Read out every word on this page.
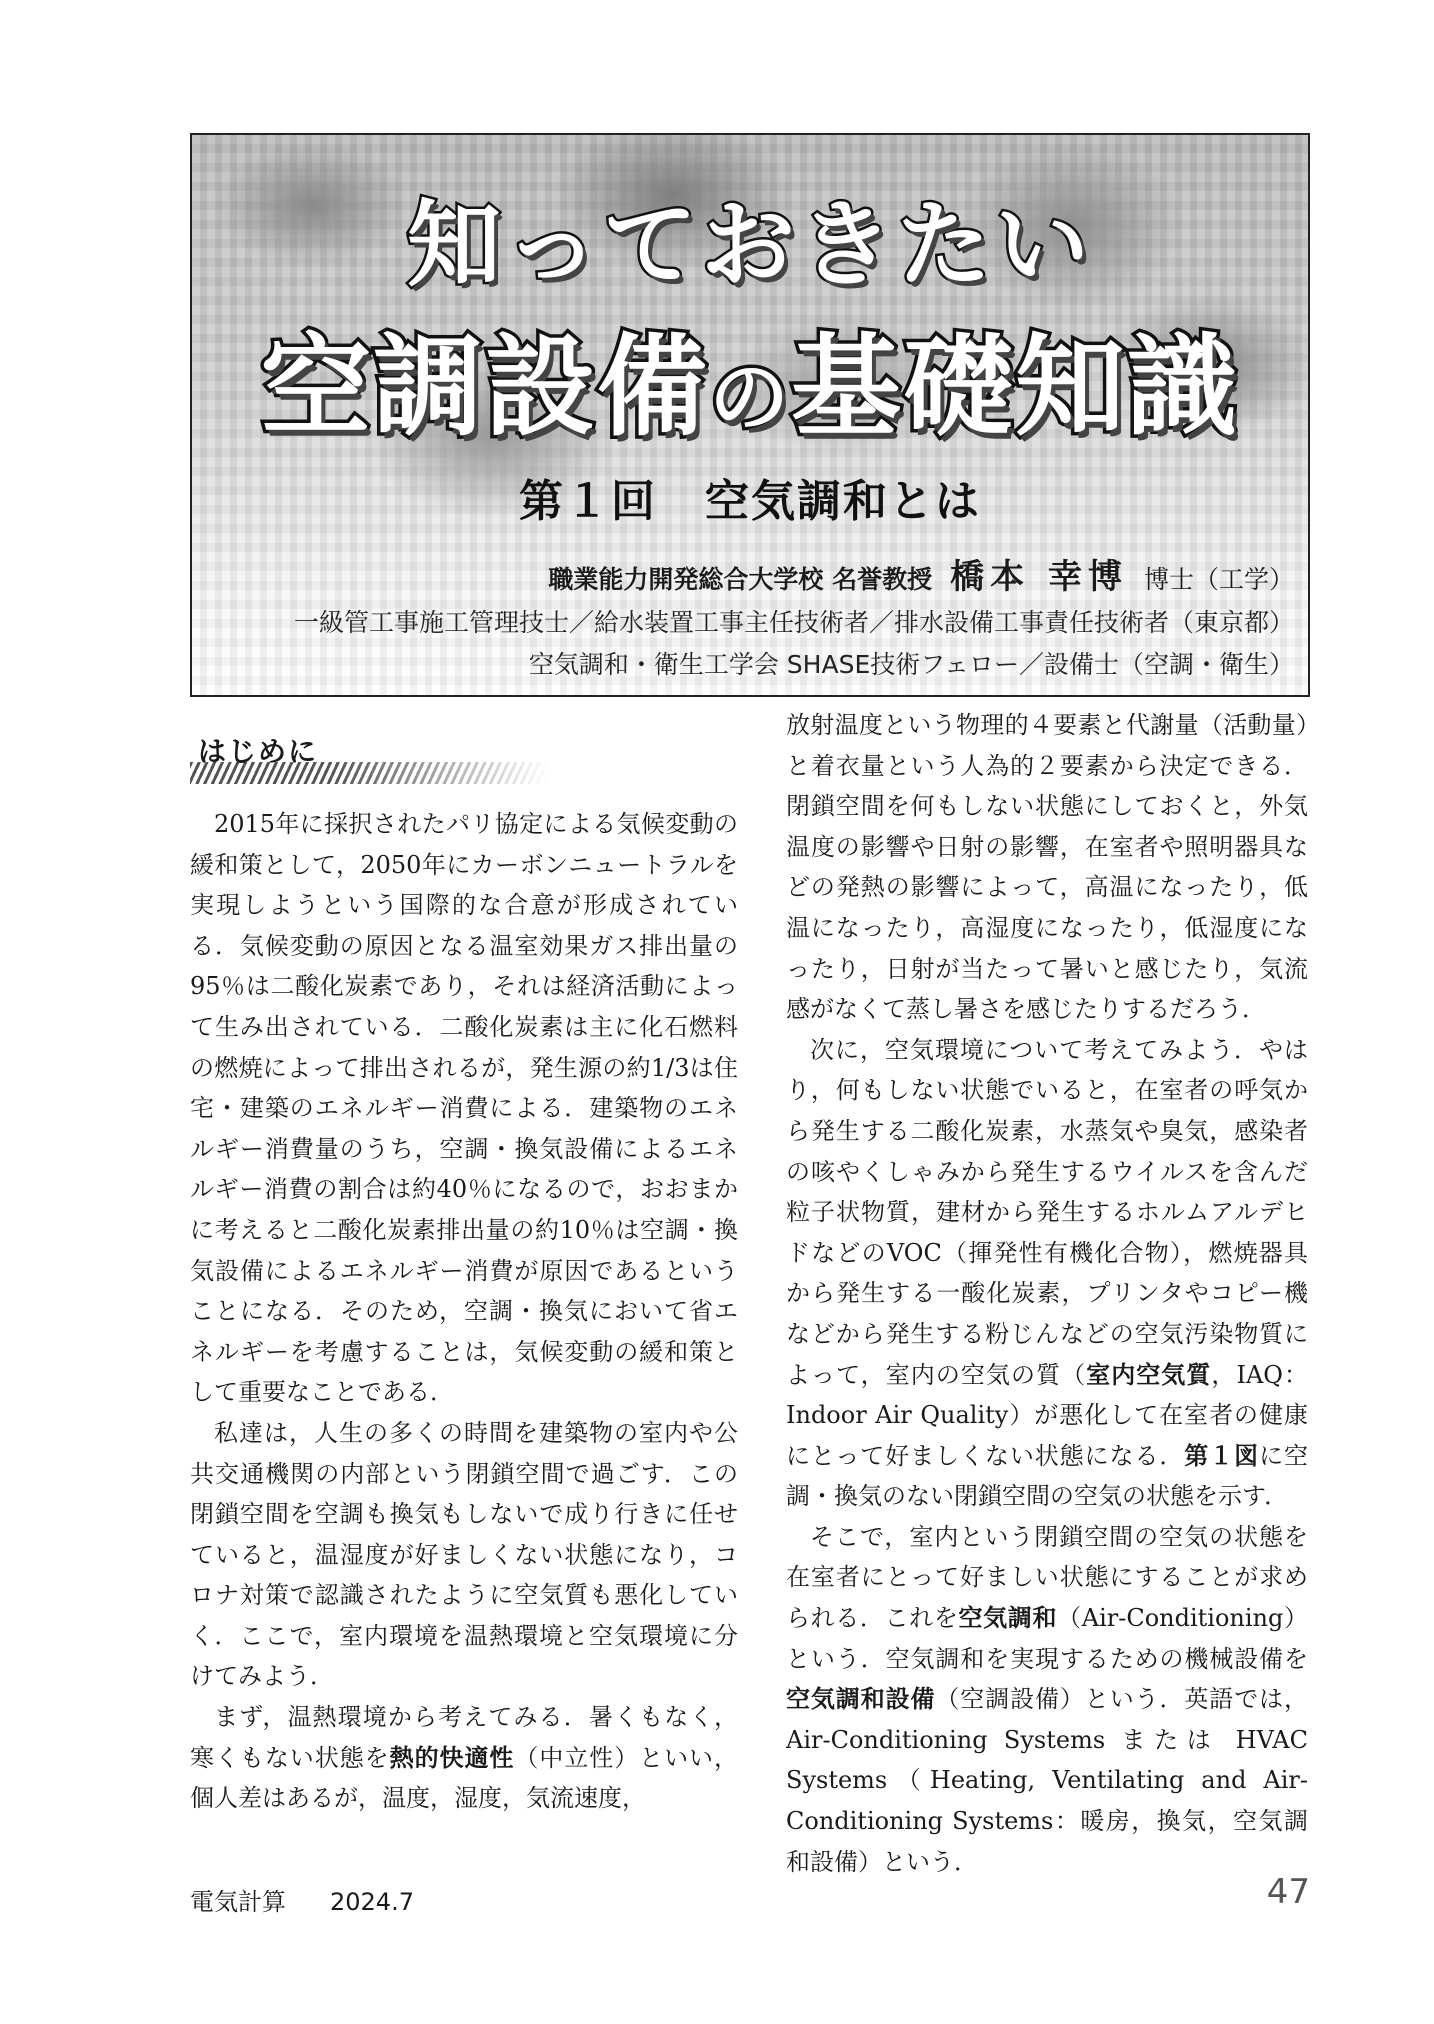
知っておきたい
空調設備の基礎知識
第１回 空気調和とは
職業能力開発総合大学校 名誉教授 橋本 幸博 博士（工学）
一級管工事施工管理技士／給水装置工事主任技術者／排水設備工事責任技術者（東京都）
空気調和・衛生工学会 SHASE技術フェロー／設備士（空調・衛生）
はじめに

2015年に採択されたパリ協定による気候変動の緩和策として，2050年にカーボンニュートラルを実現しようという国際的な合意が形成されている．気候変動の原因となる温室効果ガス排出量の95％は二酸化炭素であり，それは経済活動によって生み出されている．二酸化炭素は主に化石燃料の燃焼によって排出されるが，発生源の約1/3は住宅・建築のエネルギー消費による．建築物のエネルギー消費量のうち，空調・換気設備によるエネルギー消費の割合は約40％になるので，おおまかに考えると二酸化炭素排出量の約10％は空調・換気設備によるエネルギー消費が原因であるということになる．そのため，空調・換気において省エネルギーを考慮することは，気候変動の緩和策として重要なことである．

私達は，人生の多くの時間を建築物の室内や公共交通機関の内部という閉鎖空間で過ごす．この閉鎖空間を空調も換気もしないで成り行きに任せていると，温湿度が好ましくない状態になり，コロナ対策で認識されたように空気質も悪化していく．ここで，室内環境を温熱環境と空気環境に分けてみよう．

まず，温熱環境から考えてみる．暑くもなく，寒くもない状態を熱的快適性（中立性）といい，個人差はあるが，温度，湿度，気流速度，

放射温度という物理的４要素と代謝量（活動量）と着衣量という人為的２要素から決定できる．閉鎖空間を何もしない状態にしておくと，外気温度の影響や日射の影響，在室者や照明器具などの発熱の影響によって，高温になったり，低温になったり，高湿度になったり，低湿度になったり，日射が当たって暑いと感じたり，気流感がなくて蒸し暑さを感じたりするだろう．

次に，空気環境について考えてみよう．やはり，何もしない状態でいると，在室者の呼気から発生する二酸化炭素，水蒸気や臭気，感染者の咳やくしゃみから発生するウイルスを含んだ粒子状物質，建材から発生するホルムアルデヒドなどのVOC（揮発性有機化合物），燃焼器具から発生する一酸化炭素，プリンタやコピー機などから発生する粉じんなどの空気汚染物質によって，室内の空気の質（室内空気質，IAQ：Indoor Air Quality）が悪化して在室者の健康にとって好ましくない状態になる．第１図に空調・換気のない閉鎖空間の空気の状態を示す．

そこで，室内という閉鎖空間の空気の状態を在室者にとって好ましい状態にすることが求められる．これを空気調和（Air-Conditioning）という．空気調和を実現するための機械設備を空気調和設備（空調設備）という．英語では，Air-Conditioning Systems または HVAC Systems（Heating, Ventilating and Air-Conditioning Systems：暖房，換気，空気調和設備）という．

電気計算 2024.7	47
